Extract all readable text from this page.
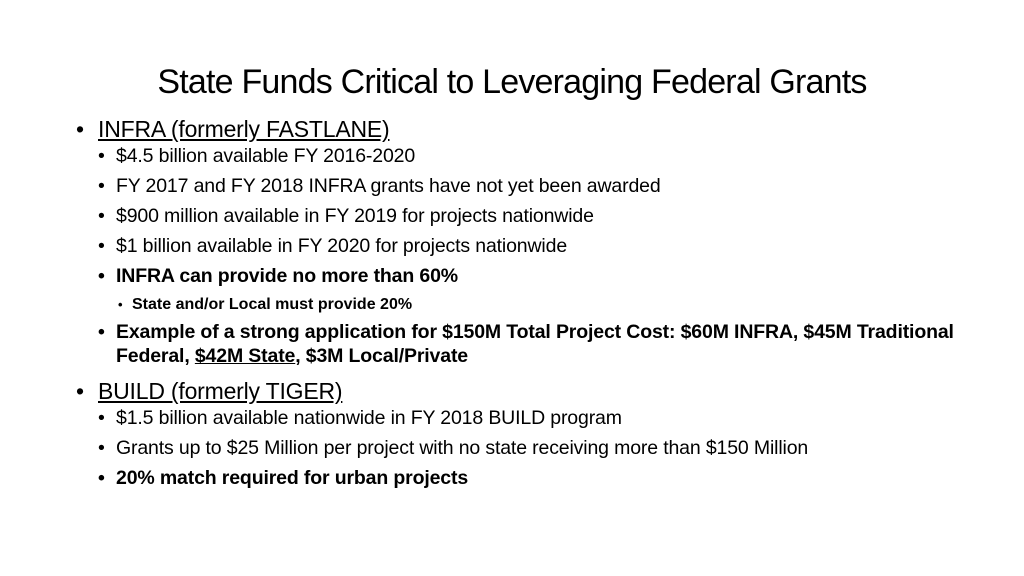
State Funds Critical to Leveraging Federal Grants
• INFRA (formerly FASTLANE)
• $4.5 billion available FY 2016-2020
• FY 2017 and FY 2018 INFRA grants have not yet been awarded
• $900 million available in FY 2019 for projects nationwide
• $1 billion available in FY 2020 for projects nationwide
• INFRA can provide no more than 60%
• State and/or Local must provide 20%
• Example of a strong application for $150M Total Project Cost: $60M INFRA, $45M Traditional Federal, $42M State, $3M Local/Private
• BUILD (formerly TIGER)
• $1.5 billion available nationwide in FY 2018 BUILD program
• Grants up to $25 Million per project with no state receiving more than $150 Million
• 20% match required for urban projects
